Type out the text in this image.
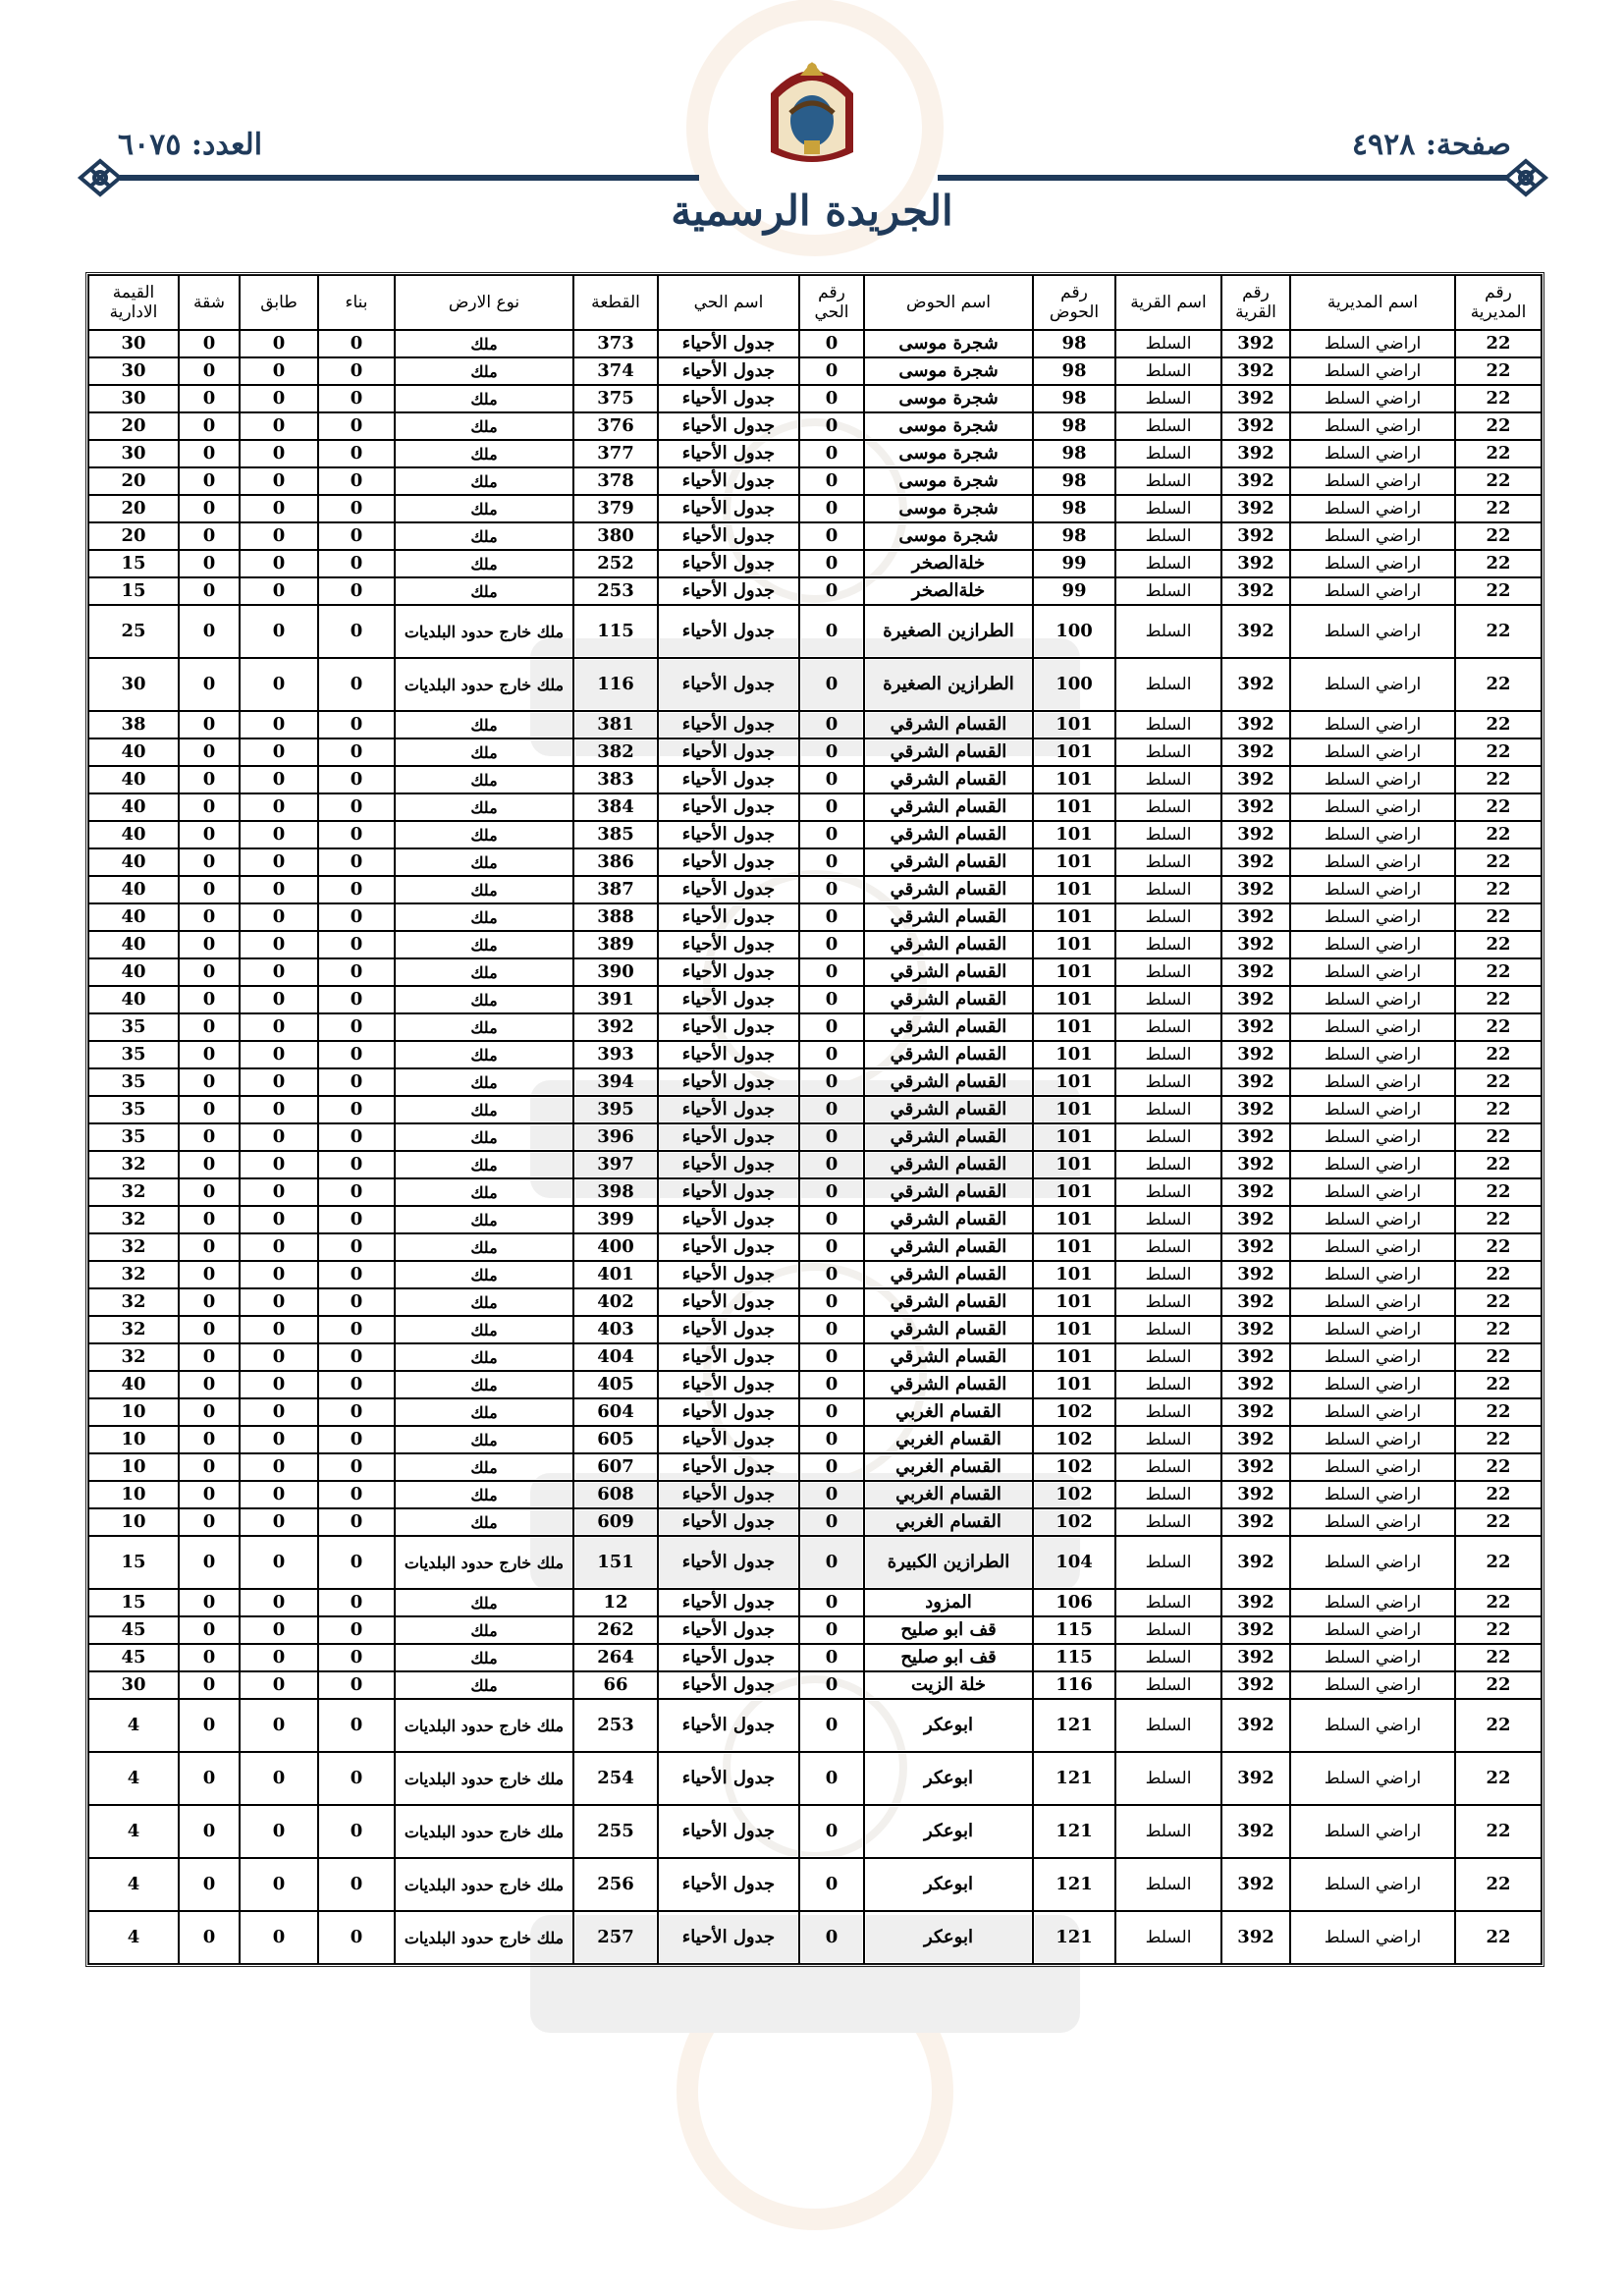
صفحة: ٤٩٢٨
العدد: ٦٠٧٥
الجريدة الرسمية
رقم المديرية	اسم المديرية	رقم القرية	اسم القرية	رقم الحوض	اسم الحوض	رقم الحي	اسم الحي	القطعة	نوع الارض	بناء	طابق	شقة	القيمة الادارية
22	اراضي السلط	392	السلط	98	شجرة موسى	0	جدول الأحياء	373	ملك	0	0	0	30
22	اراضي السلط	392	السلط	98	شجرة موسى	0	جدول الأحياء	374	ملك	0	0	0	30
22	اراضي السلط	392	السلط	98	شجرة موسى	0	جدول الأحياء	375	ملك	0	0	0	30
22	اراضي السلط	392	السلط	98	شجرة موسى	0	جدول الأحياء	376	ملك	0	0	0	20
22	اراضي السلط	392	السلط	98	شجرة موسى	0	جدول الأحياء	377	ملك	0	0	0	30
22	اراضي السلط	392	السلط	98	شجرة موسى	0	جدول الأحياء	378	ملك	0	0	0	20
22	اراضي السلط	392	السلط	98	شجرة موسى	0	جدول الأحياء	379	ملك	0	0	0	20
22	اراضي السلط	392	السلط	98	شجرة موسى	0	جدول الأحياء	380	ملك	0	0	0	20
22	اراضي السلط	392	السلط	99	خلةالصخر	0	جدول الأحياء	252	ملك	0	0	0	15
22	اراضي السلط	392	السلط	99	خلةالصخر	0	جدول الأحياء	253	ملك	0	0	0	15
22	اراضي السلط	392	السلط	100	الطرازين الصغيرة	0	جدول الأحياء	115	ملك خارج حدود البلديات	0	0	0	25
22	اراضي السلط	392	السلط	100	الطرازين الصغيرة	0	جدول الأحياء	116	ملك خارج حدود البلديات	0	0	0	30
22	اراضي السلط	392	السلط	101	القسام الشرقي	0	جدول الأحياء	381	ملك	0	0	0	38
22	اراضي السلط	392	السلط	101	القسام الشرقي	0	جدول الأحياء	382	ملك	0	0	0	40
22	اراضي السلط	392	السلط	101	القسام الشرقي	0	جدول الأحياء	383	ملك	0	0	0	40
22	اراضي السلط	392	السلط	101	القسام الشرقي	0	جدول الأحياء	384	ملك	0	0	0	40
22	اراضي السلط	392	السلط	101	القسام الشرقي	0	جدول الأحياء	385	ملك	0	0	0	40
22	اراضي السلط	392	السلط	101	القسام الشرقي	0	جدول الأحياء	386	ملك	0	0	0	40
22	اراضي السلط	392	السلط	101	القسام الشرقي	0	جدول الأحياء	387	ملك	0	0	0	40
22	اراضي السلط	392	السلط	101	القسام الشرقي	0	جدول الأحياء	388	ملك	0	0	0	40
22	اراضي السلط	392	السلط	101	القسام الشرقي	0	جدول الأحياء	389	ملك	0	0	0	40
22	اراضي السلط	392	السلط	101	القسام الشرقي	0	جدول الأحياء	390	ملك	0	0	0	40
22	اراضي السلط	392	السلط	101	القسام الشرقي	0	جدول الأحياء	391	ملك	0	0	0	40
22	اراضي السلط	392	السلط	101	القسام الشرقي	0	جدول الأحياء	392	ملك	0	0	0	35
22	اراضي السلط	392	السلط	101	القسام الشرقي	0	جدول الأحياء	393	ملك	0	0	0	35
22	اراضي السلط	392	السلط	101	القسام الشرقي	0	جدول الأحياء	394	ملك	0	0	0	35
22	اراضي السلط	392	السلط	101	القسام الشرقي	0	جدول الأحياء	395	ملك	0	0	0	35
22	اراضي السلط	392	السلط	101	القسام الشرقي	0	جدول الأحياء	396	ملك	0	0	0	35
22	اراضي السلط	392	السلط	101	القسام الشرقي	0	جدول الأحياء	397	ملك	0	0	0	32
22	اراضي السلط	392	السلط	101	القسام الشرقي	0	جدول الأحياء	398	ملك	0	0	0	32
22	اراضي السلط	392	السلط	101	القسام الشرقي	0	جدول الأحياء	399	ملك	0	0	0	32
22	اراضي السلط	392	السلط	101	القسام الشرقي	0	جدول الأحياء	400	ملك	0	0	0	32
22	اراضي السلط	392	السلط	101	القسام الشرقي	0	جدول الأحياء	401	ملك	0	0	0	32
22	اراضي السلط	392	السلط	101	القسام الشرقي	0	جدول الأحياء	402	ملك	0	0	0	32
22	اراضي السلط	392	السلط	101	القسام الشرقي	0	جدول الأحياء	403	ملك	0	0	0	32
22	اراضي السلط	392	السلط	101	القسام الشرقي	0	جدول الأحياء	404	ملك	0	0	0	32
22	اراضي السلط	392	السلط	101	القسام الشرقي	0	جدول الأحياء	405	ملك	0	0	0	40
22	اراضي السلط	392	السلط	102	القسام الغربي	0	جدول الأحياء	604	ملك	0	0	0	10
22	اراضي السلط	392	السلط	102	القسام الغربي	0	جدول الأحياء	605	ملك	0	0	0	10
22	اراضي السلط	392	السلط	102	القسام الغربي	0	جدول الأحياء	607	ملك	0	0	0	10
22	اراضي السلط	392	السلط	102	القسام الغربي	0	جدول الأحياء	608	ملك	0	0	0	10
22	اراضي السلط	392	السلط	102	القسام الغربي	0	جدول الأحياء	609	ملك	0	0	0	10
22	اراضي السلط	392	السلط	104	الطرازين الكبيرة	0	جدول الأحياء	151	ملك خارج حدود البلديات	0	0	0	15
22	اراضي السلط	392	السلط	106	المزود	0	جدول الأحياء	12	ملك	0	0	0	15
22	اراضي السلط	392	السلط	115	قف ابو صليح	0	جدول الأحياء	262	ملك	0	0	0	45
22	اراضي السلط	392	السلط	115	قف ابو صليح	0	جدول الأحياء	264	ملك	0	0	0	45
22	اراضي السلط	392	السلط	116	خلة الزيت	0	جدول الأحياء	66	ملك	0	0	0	30
22	اراضي السلط	392	السلط	121	ابوعكر	0	جدول الأحياء	253	ملك خارج حدود البلديات	0	0	0	4
22	اراضي السلط	392	السلط	121	ابوعكر	0	جدول الأحياء	254	ملك خارج حدود البلديات	0	0	0	4
22	اراضي السلط	392	السلط	121	ابوعكر	0	جدول الأحياء	255	ملك خارج حدود البلديات	0	0	0	4
22	اراضي السلط	392	السلط	121	ابوعكر	0	جدول الأحياء	256	ملك خارج حدود البلديات	0	0	0	4
22	اراضي السلط	392	السلط	121	ابوعكر	0	جدول الأحياء	257	ملك خارج حدود البلديات	0	0	0	4
